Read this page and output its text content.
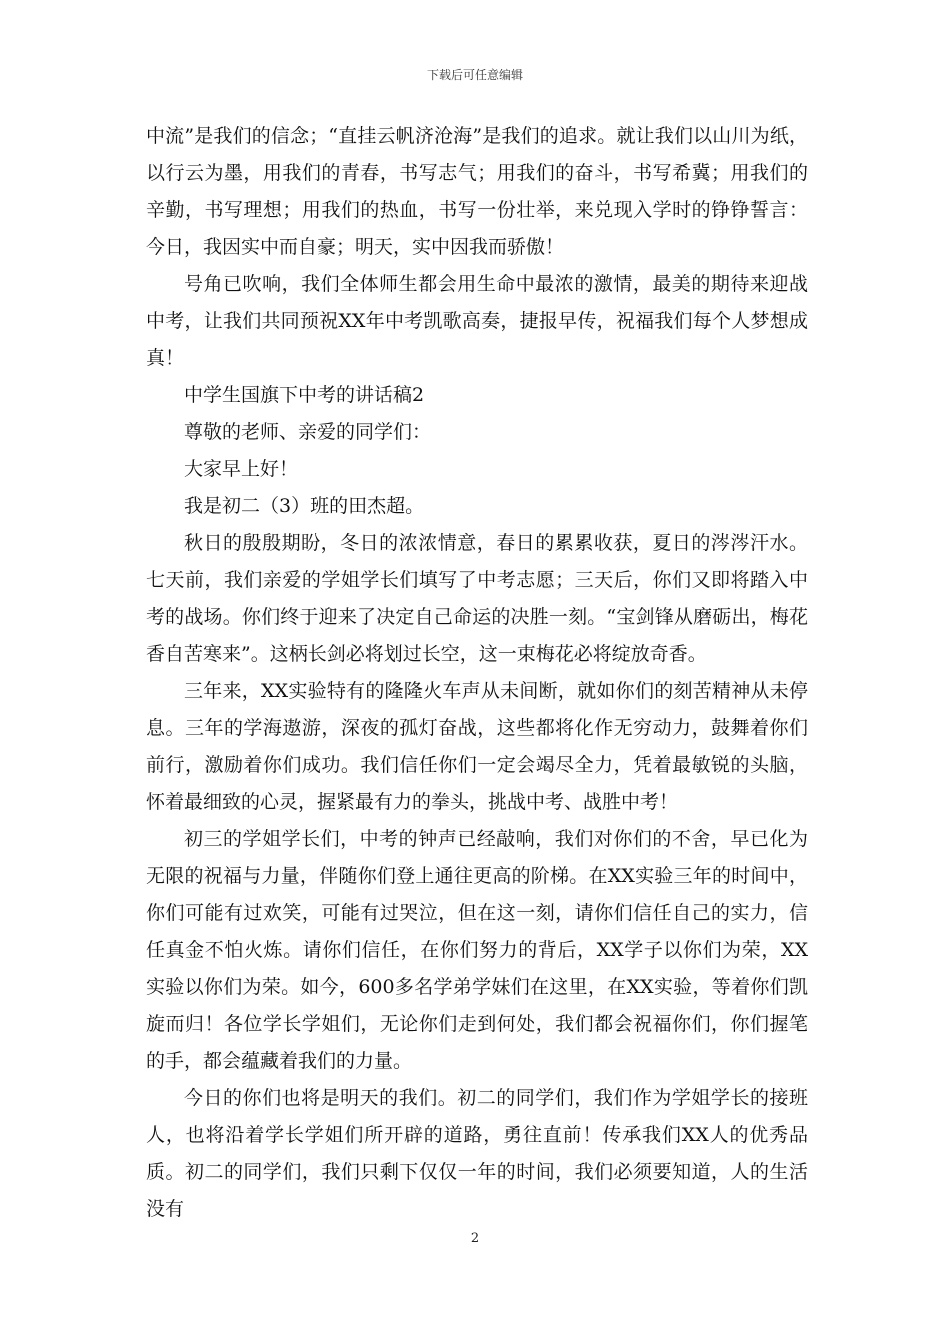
下载后可任意编辑

中流”是我们的信念；“直挂云帆济沧海”是我们的追求。就让我们以山川为纸，以行云为墨，用我们的青春，书写志气；用我们的奋斗，书写希冀；用我们的辛勤，书写理想；用我们的热血，书写一份壮举，来兑现入学时的铮铮誓言：今日，我因实中而自豪；明天，实中因我而骄傲！

号角已吹响，我们全体师生都会用生命中最浓的激情，最美的期待来迎战中考，让我们共同预祝XX年中考凯歌高奏，捷报早传，祝福我们每个人梦想成真！

中学生国旗下中考的讲话稿2

尊敬的老师、亲爱的同学们：

大家早上好！

我是初二（3）班的田杰超。

秋日的殷殷期盼，冬日的浓浓情意，春日的累累收获，夏日的涔涔汗水。七天前，我们亲爱的学姐学长们填写了中考志愿；三天后，你们又即将踏入中考的战场。你们终于迎来了决定自己命运的决胜一刻。“宝剑锋从磨砺出，梅花香自苦寒来”。这柄长剑必将划过长空，这一束梅花必将绽放奇香。

三年来，XX实验特有的隆隆火车声从未间断，就如你们的刻苦精神从未停息。三年的学海遨游，深夜的孤灯奋战，这些都将化作无穷动力，鼓舞着你们前行，激励着你们成功。我们信任你们一定会竭尽全力，凭着最敏锐的头脑，怀着最细致的心灵，握紧最有力的拳头，挑战中考、战胜中考！

初三的学姐学长们，中考的钟声已经敲响，我们对你们的不舍，早已化为无限的祝福与力量，伴随你们登上通往更高的阶梯。在XX实验三年的时间中，你们可能有过欢笑，可能有过哭泣，但在这一刻，请你们信任自己的实力，信任真金不怕火炼。请你们信任，在你们努力的背后，XX学子以你们为荣，XX实验以你们为荣。如今，600多名学弟学妹们在这里，在XX实验，等着你们凯旋而归！各位学长学姐们，无论你们走到何处，我们都会祝福你们，你们握笔的手，都会蕴藏着我们的力量。

今日的你们也将是明天的我们。初二的同学们，我们作为学姐学长的接班人，也将沿着学长学姐们所开辟的道路，勇往直前！传承我们XX人的优秀品质。初二的同学们，我们只剩下仅仅一年的时间，我们必须要知道，人的生活没有

2
